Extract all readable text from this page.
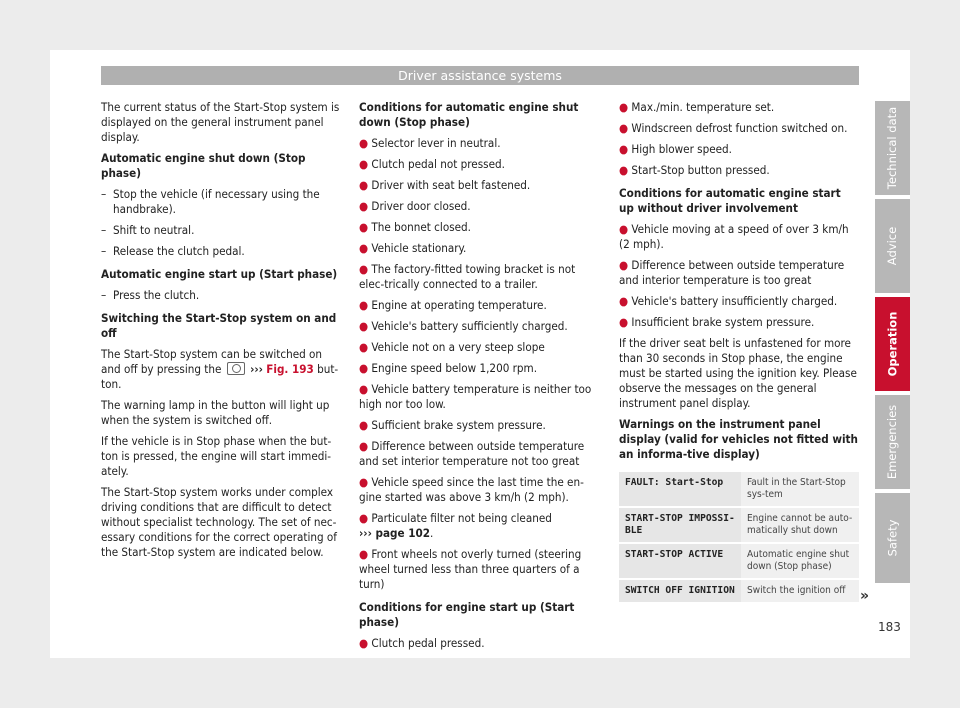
Driver assistance systems

The current status of the Start-Stop system is displayed on the general instrument panel display.

Automatic engine shut down (Stop phase)

– Stop the vehicle (if necessary using the handbrake).

– Shift to neutral.

– Release the clutch pedal.

Automatic engine start up (Start phase)

– Press the clutch.

Switching the Start-Stop system on and off

The Start-Stop system can be switched on and off by pressing the ››› Fig. 193 but-ton.

The warning lamp in the button will light up when the system is switched off.

If the vehicle is in Stop phase when the but-ton is pressed, the engine will start immedi-ately.

The Start-Stop system works under complex driving conditions that are difficult to detect without specialist technology. The set of nec-essary conditions for the correct operating of the Start-Stop system are indicated below.

Conditions for automatic engine shut down (Stop phase)

● Selector lever in neutral.

● Clutch pedal not pressed.

● Driver with seat belt fastened.

● Driver door closed.

● The bonnet closed.

● Vehicle stationary.

● The factory-fitted towing bracket is not elec-trically connected to a trailer.

● Engine at operating temperature.

● Vehicle's battery sufficiently charged.

● Vehicle not on a very steep slope

● Engine speed below 1,200 rpm.

● Vehicle battery temperature is neither too high nor too low.

● Sufficient brake system pressure.

● Difference between outside temperature and set interior temperature not too great

● Vehicle speed since the last time the en-gine started was above 3 km/h (2 mph).

● Particulate filter not being cleaned
››› page 102.

● Front wheels not overly turned (steering wheel turned less than three quarters of a turn)

Conditions for engine start up (Start phase)

● Clutch pedal pressed.

● Max./min. temperature set.

● Windscreen defrost function switched on.

● High blower speed.

● Start-Stop button pressed.

Conditions for automatic engine start up without driver involvement

● Vehicle moving at a speed of over 3 km/h (2 mph).

● Difference between outside temperature and interior temperature is too great

● Vehicle's battery insufficiently charged.

● Insufficient brake system pressure.

If the driver seat belt is unfastened for more than 30 seconds in Stop phase, the engine must be started using the ignition key. Please observe the messages on the general instrument panel display.

Warnings on the instrument panel display (valid for vehicles not fitted with an informa-tive display)

FAULT: Start-Stop	Fault in the Start-Stop sys-tem
START-STOP IMPOSSI-BLE	Engine cannot be auto-matically shut down
START-STOP ACTIVE	Automatic engine shut down (Stop phase)
SWITCH OFF IGNITION	Switch the ignition off »
Technical data
Advice
Operation
Emergencies
Safety
183
